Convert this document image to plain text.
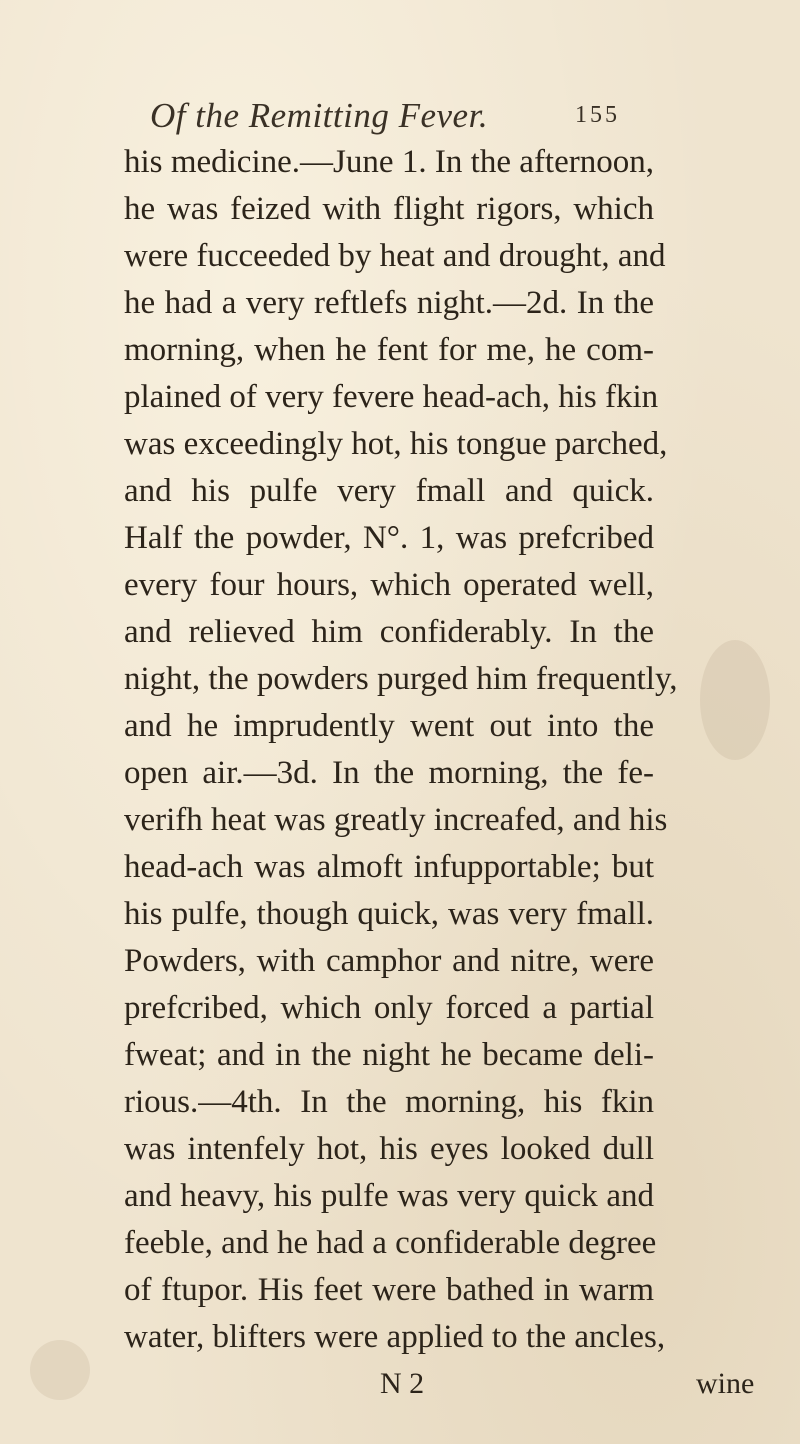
Of the Remitting Fever.	155
his medicine.—June 1. In the afternoon,
he was feized with flight rigors, which
were fucceeded by heat and drought, and
he had a very reftlefs night.—2d. In the
morning, when he fent for me, he com-
plained of very fevere head-ach, his fkin
was exceedingly hot, his tongue parched,
and his pulfe very fmall and quick.
Half the powder, N°. 1, was prefcribed
every four hours, which operated well,
and relieved him confiderably. In the
night, the powders purged him frequently,
and he imprudently went out into the
open air.—3d. In the morning, the fe-
verifh heat was greatly increafed, and his
head-ach was almoft infupportable; but
his pulfe, though quick, was very fmall.
Powders, with camphor and nitre, were
prefcribed, which only forced a partial
fweat; and in the night he became deli-
rious.—4th. In the morning, his fkin
was intenfely hot, his eyes looked dull
and heavy, his pulfe was very quick and
feeble, and he had a confiderable degree
of ftupor. His feet were bathed in warm
water, blifters were applied to the ancles,
N 2	wine
